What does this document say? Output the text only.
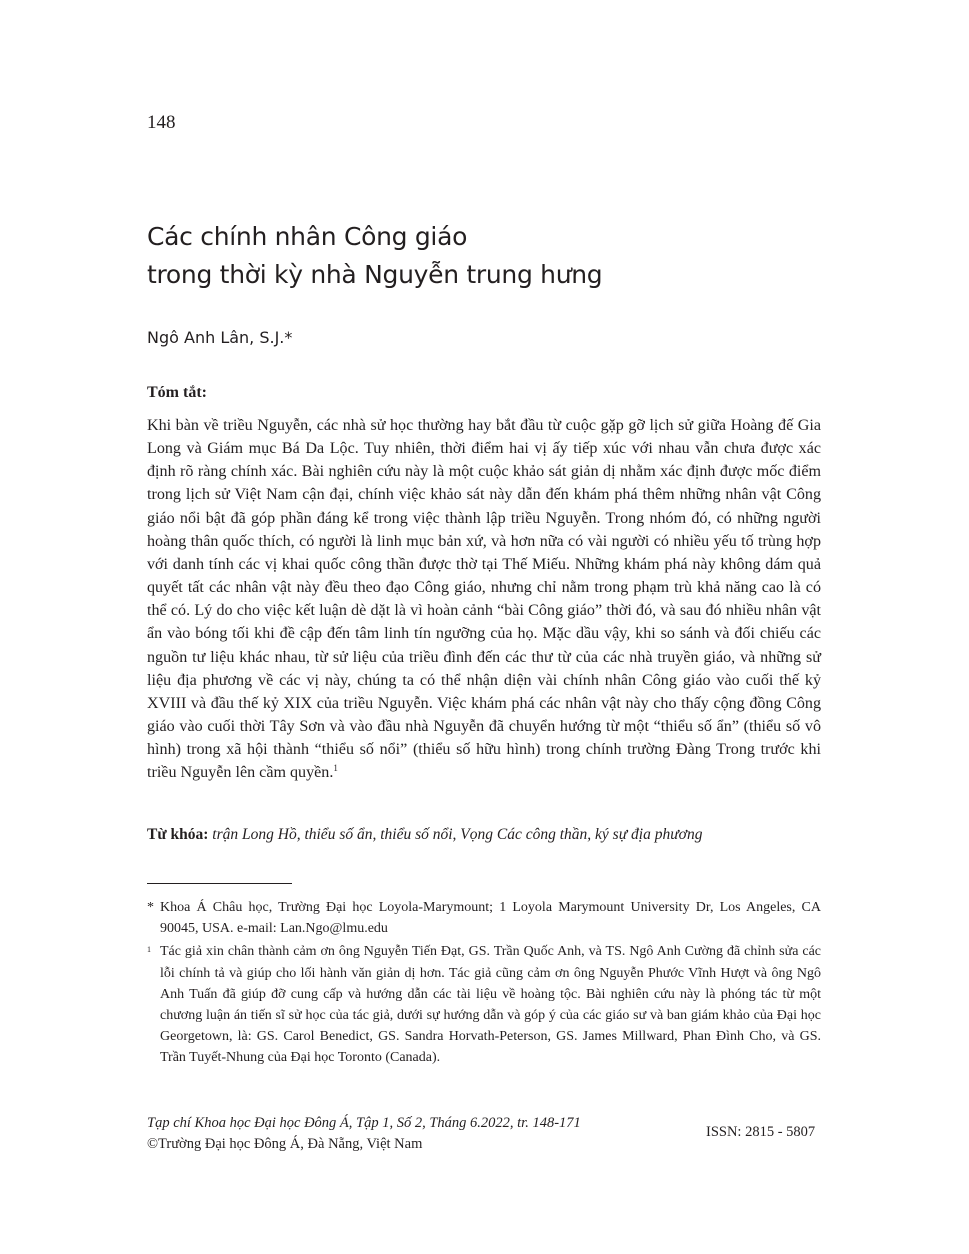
148
Các chính nhân Công giáo
trong thời kỳ nhà Nguyễn trung hưng
Ngô Anh Lân, S.J.*
Tóm tắt:

Khi bàn về triều Nguyễn, các nhà sử học thường hay bắt đầu từ cuộc gặp gỡ lịch sử giữa Hoàng đế Gia Long và Giám mục Bá Da Lộc. Tuy nhiên, thời điểm hai vị ấy tiếp xúc với nhau vẫn chưa được xác định rõ ràng chính xác. Bài nghiên cứu này là một cuộc khảo sát giản dị nhằm xác định được mốc điểm trong lịch sử Việt Nam cận đại, chính việc khảo sát này dẫn đến khám phá thêm những nhân vật Công giáo nổi bật đã góp phần đáng kể trong việc thành lập triều Nguyễn. Trong nhóm đó, có những người hoàng thân quốc thích, có người là linh mục bản xứ, và hơn nữa có vài người có nhiều yếu tố trùng hợp với danh tính các vị khai quốc công thần được thờ tại Thế Miếu. Những khám phá này không dám quả quyết tất các nhân vật này đều theo đạo Công giáo, nhưng chỉ nằm trong phạm trù khả năng cao là có thể có. Lý do cho việc kết luận dè dặt là vì hoàn cảnh “bài Công giáo” thời đó, và sau đó nhiều nhân vật ẩn vào bóng tối khi đề cập đến tâm linh tín ngưỡng của họ. Mặc dầu vậy, khi so sánh và đối chiếu các nguồn tư liệu khác nhau, từ sử liệu của triều đình đến các thư từ của các nhà truyền giáo, và những sử liệu địa phương về các vị này, chúng ta có thể nhận diện vài chính nhân Công giáo vào cuối thế kỷ XVIII và đầu thế kỷ XIX của triều Nguyễn. Việc khám phá các nhân vật này cho thấy cộng đồng Công giáo vào cuối thời Tây Sơn và vào đầu nhà Nguyễn đã chuyển hướng từ một “thiểu số ẩn” (thiểu số vô hình) trong xã hội thành “thiểu số nổi” (thiểu số hữu hình) trong chính trường Đàng Trong trước khi triều Nguyễn lên cầm quyền.$^1$

Từ khóa: trận Long Hồ, thiểu số ẩn, thiểu số nổi, Vọng Các công thần, ký sự địa phương
* Khoa Á Châu học, Trường Đại học Loyola-Marymount; 1 Loyola Marymount University Dr, Los Angeles, CA 90045, USA. e-mail: Lan.Ngo@lmu.edu
1 Tác giả xin chân thành cảm ơn ông Nguyễn Tiến Đạt, GS. Trần Quốc Anh, và TS. Ngô Anh Cường đã chỉnh sửa các lỗi chính tả và giúp cho lối hành văn giản dị hơn. Tác giả cũng cảm ơn ông Nguyễn Phước Vĩnh Hượt và ông Ngô Anh Tuấn đã giúp đỡ cung cấp và hướng dẫn các tài liệu về hoàng tộc. Bài nghiên cứu này là phóng tác từ một chương luận án tiến sĩ sử học của tác giả, dưới sự hướng dẫn và góp ý của các giáo sư và ban giám khảo của Đại học Georgetown, là: GS. Carol Benedict, GS. Sandra Horvath-Peterson, GS. James Millward, Phan Đình Cho, và GS. Trần Tuyết-Nhung của Đại học Toronto (Canada).
Tạp chí Khoa học Đại học Đông Á, Tập 1, Số 2, Tháng 6.2022, tr. 148-171
©Trường Đại học Đông Á, Đà Nẵng, Việt Nam
ISSN: 2815 - 5807
